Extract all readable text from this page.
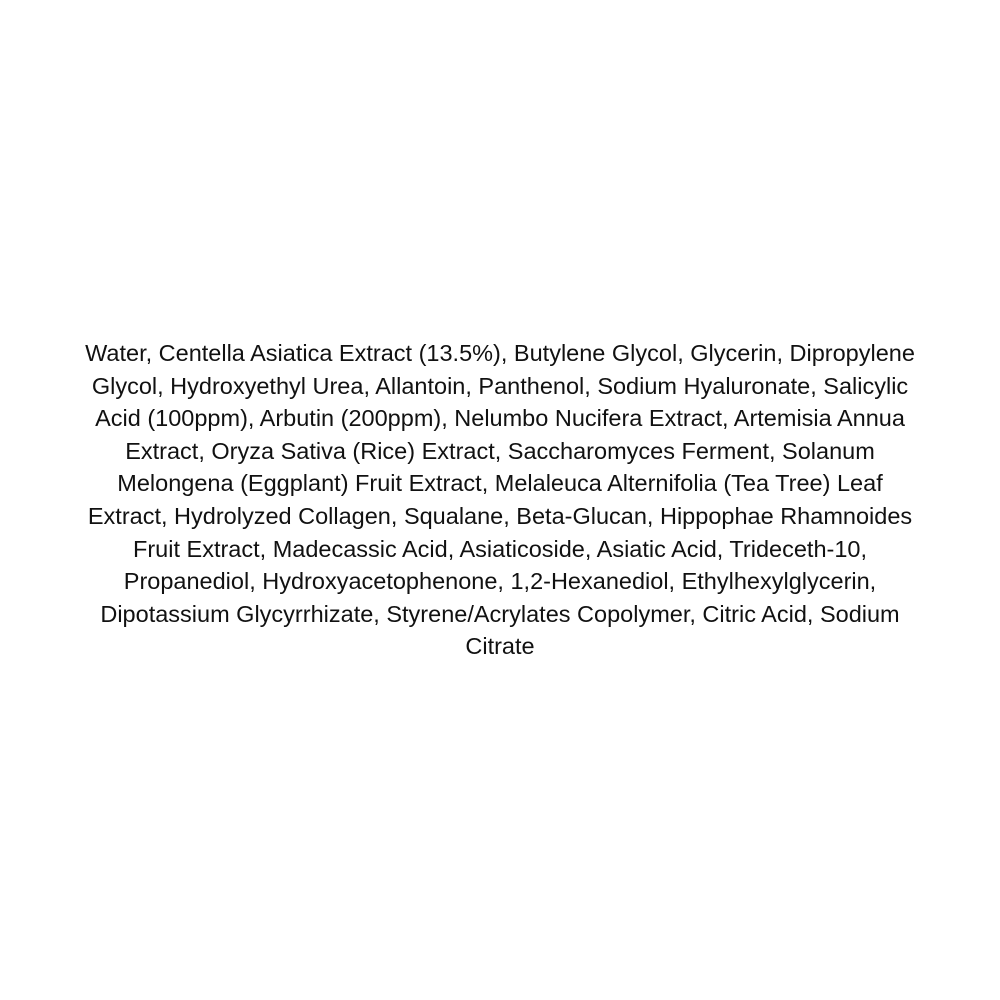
Water, Centella Asiatica Extract (13.5%), Butylene Glycol, Glycerin, Dipropylene
Glycol, Hydroxyethyl Urea, Allantoin, Panthenol, Sodium Hyaluronate, Salicylic
Acid (100ppm), Arbutin (200ppm), Nelumbo Nucifera Extract, Artemisia Annua
Extract, Oryza Sativa (Rice) Extract, Saccharomyces Ferment, Solanum
Melongena (Eggplant) Fruit Extract, Melaleuca Alternifolia (Tea Tree) Leaf
Extract, Hydrolyzed Collagen, Squalane, Beta-Glucan, Hippophae Rhamnoides
Fruit Extract, Madecassic Acid, Asiaticoside, Asiatic Acid, Trideceth-10,
Propanediol, Hydroxyacetophenone, 1,2-Hexanediol, Ethylhexylglycerin,
Dipotassium Glycyrrhizate, Styrene/Acrylates Copolymer, Citric Acid, Sodium
Citrate
